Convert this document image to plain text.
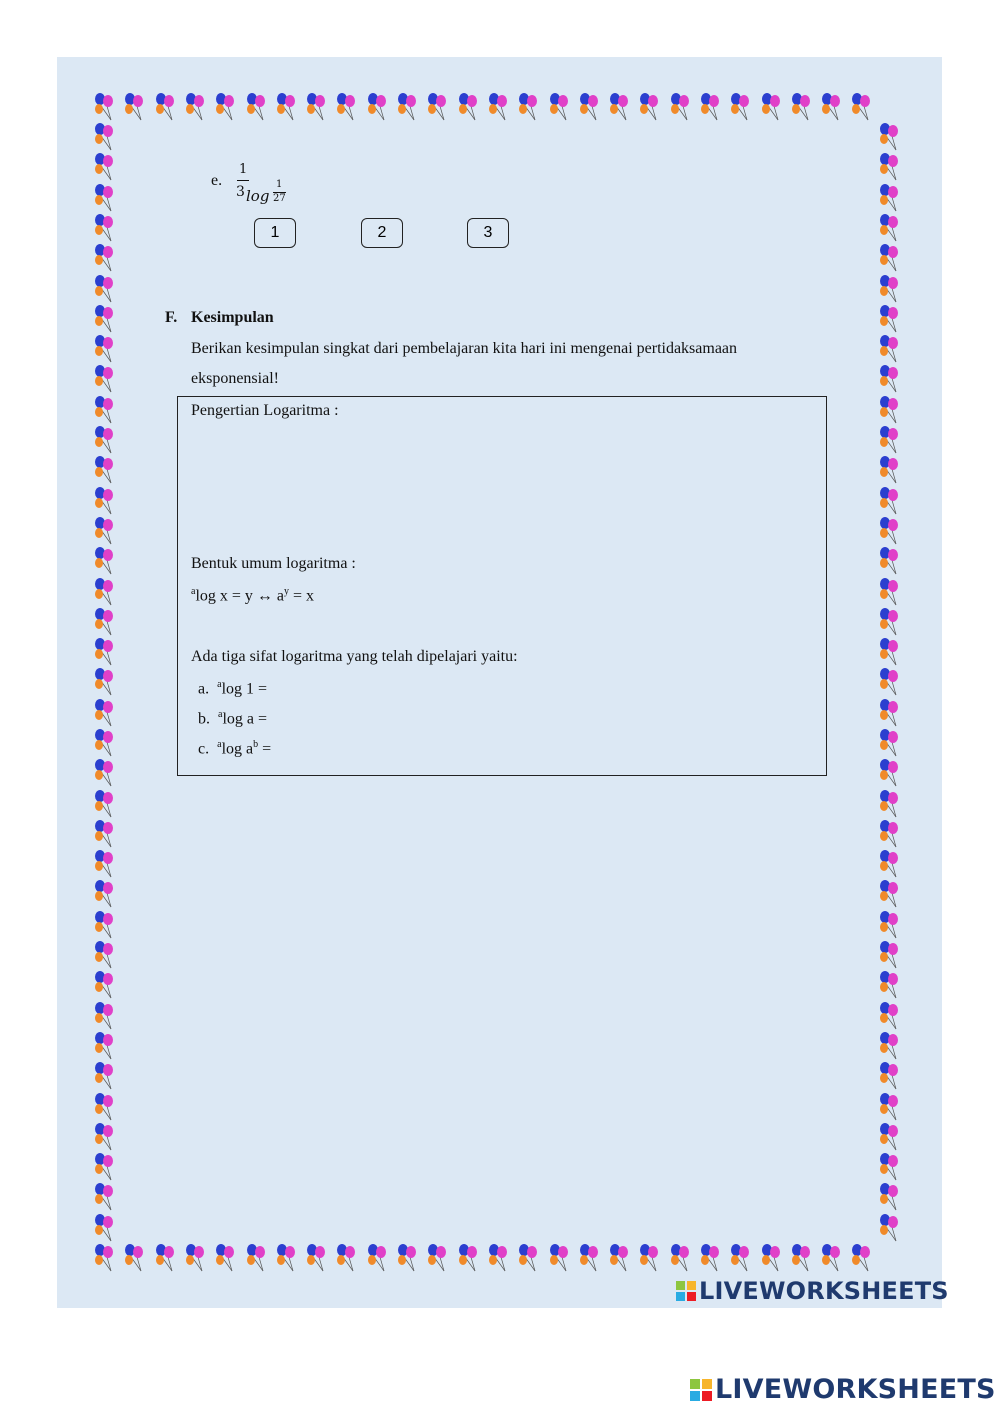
e.
1
3 log
1
27
1	2	3
F. Kesimpulan
Berikan kesimpulan singkat dari pembelajaran kita hari ini mengenai pertidaksamaan
eksponensial!
Pengertian Logaritma :
Bentuk umum logaritma :
$^a$log x = y ↔ $a^y = x$
Ada tiga sifat logaritma yang telah dipelajari yaitu:
a. $^a$log 1 =
b. $^a$log a =
c. $^a$log $a^b$ =
LIVEWORKSHEETS
LIVEWORKSHEETS
